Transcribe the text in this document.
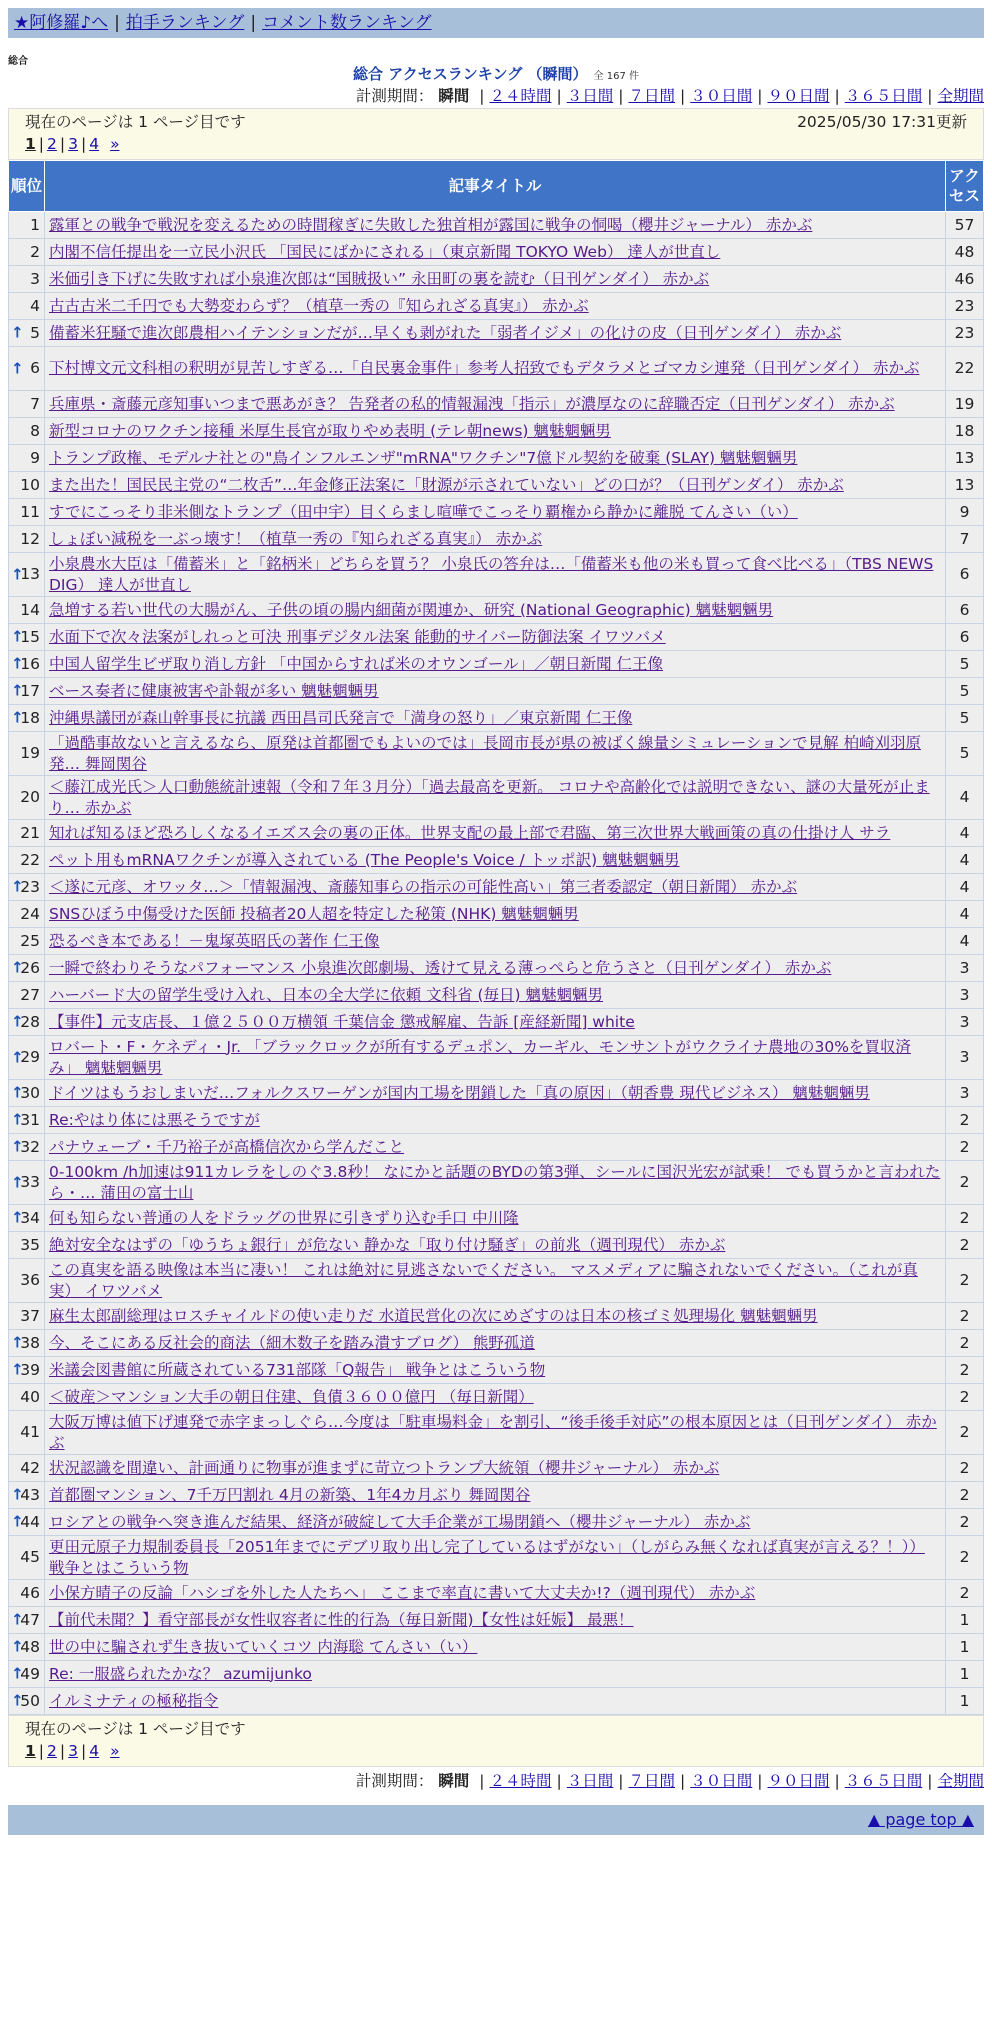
★阿修羅♪へ | 拍手ランキング | コメント数ランキング
総合
総合 アクセスランキング （瞬間） 全 167 件
計測期間： 瞬間 | ２４時間 | ３日間 | ７日間 | ３０日間 | ９０日間 | ３６５日間 | 全期間
現在のページは 1 ページ目です	2025/05/30 17:31更新
1 | 2 | 3 | 4 »
順位	記事タイトル	アクセス
1	露軍との戦争で戦況を変えるための時間稼ぎに失敗した独首相が露国に戦争の恫喝（櫻井ジャーナル） 赤かぶ	57
2	内閣不信任提出を一立民小沢氏 「国民にばかにされる」（東京新聞 TOKYO Web） 達人が世直し	48
3	米価引き下げに失敗すれば小泉進次郎は“国賊扱い” 永田町の裏を読む（日刊ゲンダイ） 赤かぶ	46
4	古古古米二千円でも大勢変わらず？（植草一秀の『知られざる真実』） 赤かぶ	23

↑ 5	備蓄米狂騒で進次郎農相ハイテンションだが…早くも剥がれた「弱者イジメ」の化けの皮（日刊ゲンダイ） 赤かぶ	23

↑ 6	下村博文元文科相の釈明が見苦しすぎる…「自民裏金事件」参考人招致でもデタラメとゴマカシ連発（日刊ゲンダイ） 赤かぶ	22
7	兵庫県・斎藤元彦知事いつまで悪あがき？ 告発者の私的情報漏洩「指示」が濃厚なのに辞職否定（日刊ゲンダイ） 赤かぶ	19
8	新型コロナのワクチン接種 米厚生長官が取りやめ表明 (テレ朝news) 魑魅魍魎男	18
9	トランプ政権、モデルナ社との"鳥インフルエンザ"mRNA"ワクチン"7億ドル契約を破棄 (SLAY) 魑魅魍魎男	13
10	また出た！国民民主党の“二枚舌”…年金修正法案に「財源が示されていない」どの口が？（日刊ゲンダイ） 赤かぶ	13
11	すでにこっそり非米側なトランプ（田中宇）目くらまし喧嘩でこっそり覇権から静かに離脱 てんさい（い）	9
12	しょぼい減税を一ぶっ壊す！（植草一秀の『知られざる真実』） 赤かぶ	7

↑
13	小泉農水大臣は「備蓄米」と「銘柄米」どちらを買う？ 小泉氏の答弁は…「備蓄米も他の米も買って食べ比べる」（TBS NEWS DIG） 達人が世直し	6
14	急増する若い世代の大腸がん、子供の頃の腸内細菌が関連か、研究 (National Geographic) 魑魅魍魎男	6

↑
15	水面下で次々法案がしれっと可決 刑事デジタル法案 能動的サイバー防御法案 イワツバメ	6

↑
16	中国人留学生ビザ取り消し方針 「中国からすれば米のオウンゴール」／朝日新聞 仁王像	5

↑
17	ベース奏者に健康被害や訃報が多い 魑魅魍魎男	5

↑
18	沖縄県議団が森山幹事長に抗議 西田昌司氏発言で「満身の怒り」／東京新聞 仁王像	5
19	「過酷事故ないと言えるなら、原発は首都圏でもよいのでは」長岡市長が県の被ばく線量シミュレーションで見解 柏崎刈羽原発… 舞岡関谷	5
20	＜藤江成光氏＞人口動態統計速報（令和７年３月分）「過去最高を更新。 コロナや高齢化では説明できない、謎の大量死が止まり… 赤かぶ	4
21	知れば知るほど恐ろしくなるイエズス会の裏の正体。世界支配の最上部で君臨、第三次世界大戦画策の真の仕掛け人 サラ	4
22	ペット用もmRNAワクチンが導入されている (The People's Voice / トッポ訳) 魑魅魍魎男	4

↑
23	＜遂に元彦、オワッタ…＞「情報漏洩、斎藤知事らの指示の可能性高い」第三者委認定（朝日新聞） 赤かぶ	4
24	SNSひぼう中傷受けた医師 投稿者20人超を特定した秘策 (NHK) 魑魅魍魎男	4
25	恐るべき本である！－鬼塚英昭氏の著作 仁王像	4

↑
26	一瞬で終わりそうなパフォーマンス 小泉進次郎劇場、透けて見える薄っぺらと危うさと（日刊ゲンダイ） 赤かぶ	3
27	ハーバード大の留学生受け入れ、日本の全大学に依頼 文科省 (毎日) 魑魅魍魎男	3

↑
28	【事件】元支店長、１億２５００万横領 千葉信金 懲戒解雇、告訴 [産経新聞] white	3

↑
29	ロバート・F・ケネディ・Jr. 「ブラックロックが所有するデュポン、カーギル、モンサントがウクライナ農地の30%を買収済み」 魑魅魍魎男	3

↑
30	ドイツはもうおしまいだ…フォルクスワーゲンが国内工場を閉鎖した「真の原因」（朝香豊 現代ビジネス） 魑魅魍魎男	3

↑
31	Re:やはり体には悪そうですが	2

↑
32	パナウェーブ・千乃裕子が高橋信次から学んだこと	2

↑
33	0-100km /h加速は911カレラをしのぐ3.8秒！ なにかと話題のBYDの第3弾、シールに国沢光宏が試乗！ でも買うかと言われたら・… 蒲田の富士山	2

↑
34	何も知らない普通の人をドラッグの世界に引きずり込む手口 中川隆	2
35	絶対安全なはずの「ゆうちょ銀行」が危ない 静かな「取り付け騒ぎ」の前兆（週刊現代） 赤かぶ	2
36	この真実を語る映像は本当に凄い！ これは絶対に見逃さないでください。 マスメディアに騙されないでください。（これが真実） イワツバメ	2
37	麻生太郎副総理はロスチャイルドの使い走りだ 水道民営化の次にめざすのは日本の核ゴミ処理場化 魑魅魍魎男	2

↑
38	今、そこにある反社会的商法（細木数子を踏み潰すブログ） 熊野孤道	2

↑
39	米議会図書館に所蔵されている731部隊「Q報告」 戦争とはこういう物	2
40	＜破産＞マンション大手の朝日住建、負債３６００億円 （毎日新聞）	2
41	大阪万博は値下げ連発で赤字まっしぐら…今度は「駐車場料金」を割引、“後手後手対応”の根本原因とは（日刊ゲンダイ） 赤かぶ	2
42	状況認識を間違い、計画通りに物事が進まずに苛立つトランプ大統領（櫻井ジャーナル） 赤かぶ	2

↑
43	首都圏マンション、7千万円割れ 4月の新築、1年4カ月ぶり 舞岡関谷	2

↑
44	ロシアとの戦争へ突き進んだ結果、経済が破綻して大手企業が工場閉鎖へ（櫻井ジャーナル） 赤かぶ	2
45	更田元原子力規制委員長「2051年までにデブリ取り出し完了しているはずがない」（しがらみ無くなれば真実が言える？！）） 戦争とはこういう物	2
46	小保方晴子の反論「ハシゴを外した人たちへ」 ここまで率直に書いて大丈夫か!?（週刊現代） 赤かぶ	2

↑
47	【前代未聞？】看守部長が女性収容者に性的行為（毎日新聞)【女性は妊娠】 最悪！	1

↑
48	世の中に騙されず生き抜いていくコツ 内海聡 てんさい（い）	1

↑
49	Re: 一服盛られたかな？ azumijunko	1

↑
50	イルミナティの極秘指令	1
現在のページは 1 ページ目です
1 | 2 | 3 | 4 »
計測期間： 瞬間 | ２４時間 | ３日間 | ７日間 | ３０日間 | ９０日間 | ３６５日間 | 全期間
▲ page top ▲
